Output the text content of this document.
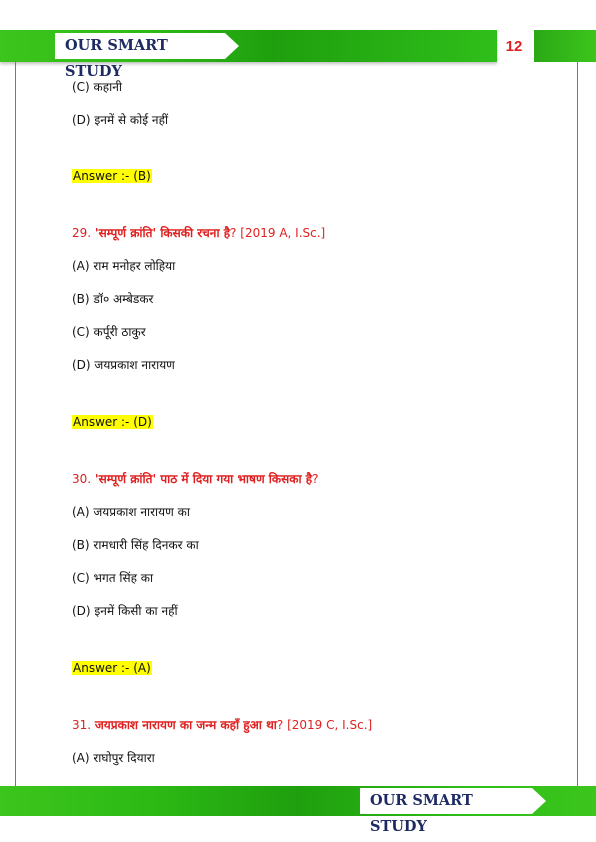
OUR SMART STUDY
12
(C) कहानी
(D) इनमें से कोई नहीं
Answer :- (B)
29. 'सम्पूर्ण क्रांति' किसकी रचना है? [2019 A, I.Sc.]
(A) राम मनोहर लोहिया
(B) डॉ० अम्बेडकर
(C) कर्पूरी ठाकुर
(D) जयप्रकाश नारायण
Answer :- (D)
30. 'सम्पूर्ण क्रांति' पाठ में दिया गया भाषण किसका है?
(A) जयप्रकाश नारायण का
(B) रामधारी सिंह दिनकर का
(C) भगत सिंह का
(D) इनमें किसी का नहीं
Answer :- (A)
31. जयप्रकाश नारायण का जन्म कहाँ हुआ था? [2019 C, I.Sc.]
(A) राघोपुर दियारा
OUR SMART STUDY
